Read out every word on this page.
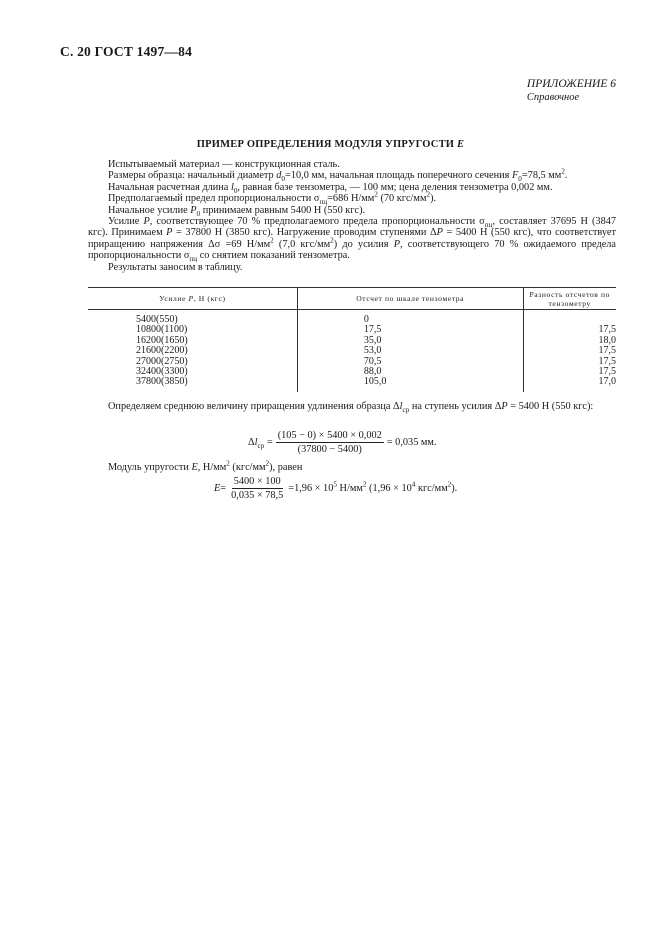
С. 20 ГОСТ 1497—84
ПРИЛОЖЕНИЕ 6
Справочное
ПРИМЕР ОПРЕДЕЛЕНИЯ МОДУЛЯ УПРУГОСТИ E

Испытываемый материал — конструкционная сталь.

Размеры образца: начальный диаметр $d_0=10,0$ мм, начальная площадь поперечного сечения $F_0=78,5$ $мм^2$.

Начальная расчетная длина $l_0$, равная базе тензометра, — 100 мм; цена деления тензометра 0,002 мм.

Предполагаемый предел пропорциональности $\sigma_{пц}=686$ $Н/мм^2$ (70 кгс/$мм^2$).

Начальное усилие $P_0$ принимаем равным 5400 Н (550 кгс).

Усилие P, соответствующее 70 % предполагаемого предела пропорциональности $\sigma_{пц}$, составляет 37695 Н (3847 кгс). Принимаем P = 37800 Н (3850 кгс). Нагружение проводим ступенями ΔP = 5400 Н (550 кгс), что соответствует приращению напряжения Δσ =69 $Н/мм^2$ (7,0 кгс/$мм^2$) до усилия P, соответствующего 70 % ожидаемого предела пропорциональности $\sigma_{пц}$ со снятием показаний тензометра.

Результаты заносим в таблицу.

Усилие P, Н (кгс)	Отсчет по шкале тензометра	Разность отсчетов по тензометру
5400(550)	0	
10800(1100)	17,5	17,5
16200(1650)	35,0	18,0
21600(2200)	53,0	17,5
27000(2750)	70,5	17,5
32400(3300)	88,0	17,5
37800(3850)	105,0	17,0

Определяем среднюю величину приращения удлинения образца $\Delta l_{ср}$ на ступень усилия ΔP = 5400 Н (550 кгс):

$\Delta l_{ср} = \frac{(105 - 0) \times 5400 \times 0,002}{(37800 - 5400)} = 0,035$ мм.
Модуль упругости E, $Н/мм^2$ $(кгс/мм^2)$, равен
$E = \frac{5400 \times 100}{0,035 \times 78,5} =1,96 \times 10^5$ $Н/мм^2$ ($1,96 \times 10^4$ кгс/$мм^2$).
